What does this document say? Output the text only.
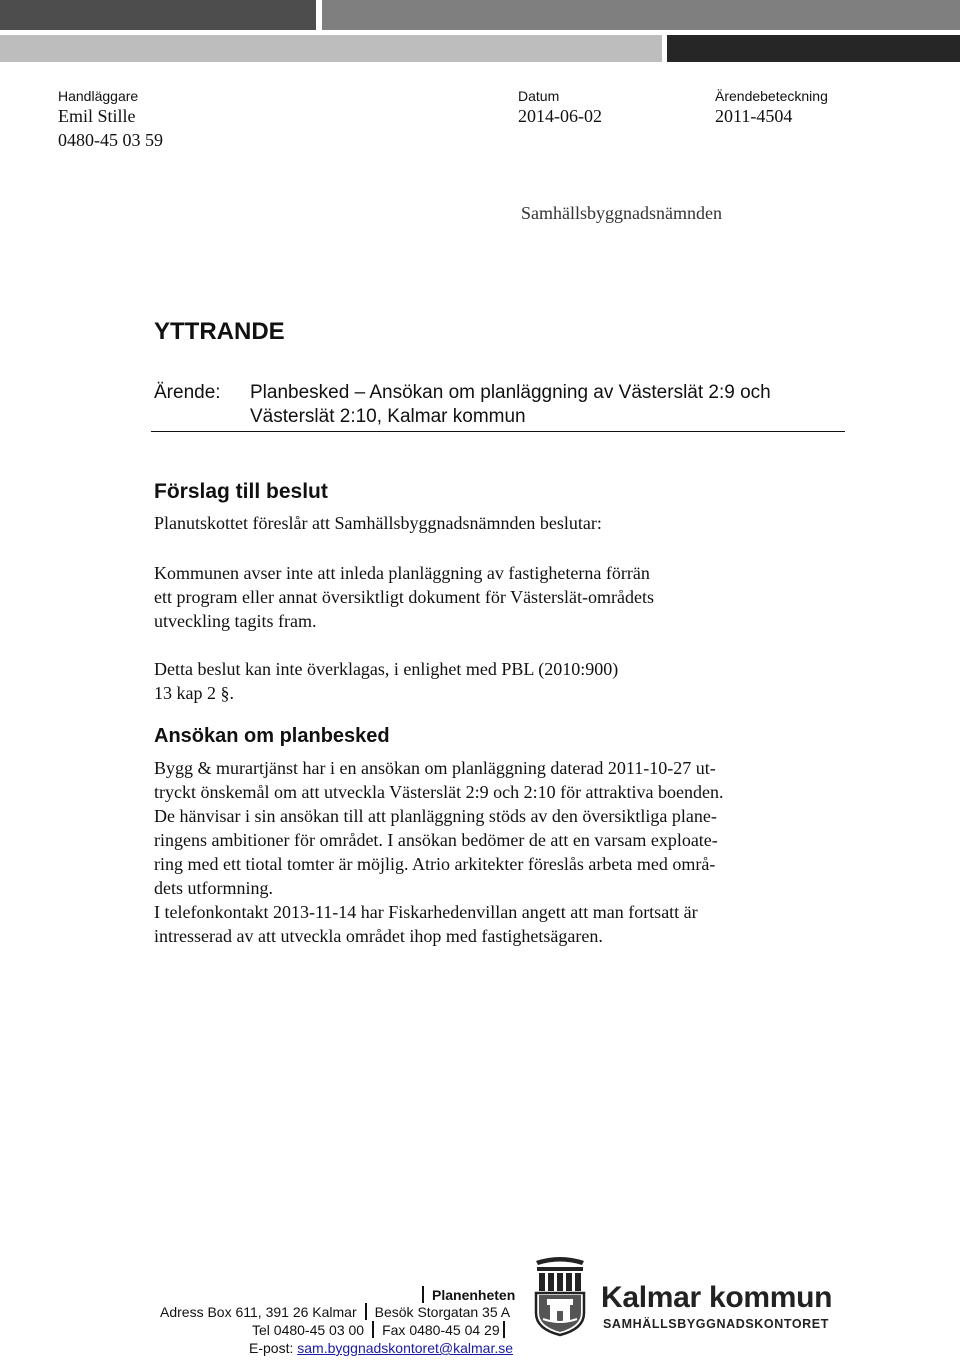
Handläggare
Emil Stille
0480-45 03 59
Datum
2014-06-02
Ärendebeteckning
2011-4504
Samhällsbyggnadsnämnden
YTTRANDE
Ärende: Planbesked – Ansökan om planläggning av Västerslät 2:9 och
Västerslät 2:10, Kalmar kommun
Förslag till beslut
Planutskottet föreslår att Samhällsbyggnadsnämnden beslutar:
Kommunen avser inte att inleda planläggning av fastigheterna förrän
ett program eller annat översiktligt dokument för Västerslät-områdets
utveckling tagits fram.
Detta beslut kan inte överklagas, i enlighet med PBL (2010:900)
13 kap 2 §.
Ansökan om planbesked
Bygg & murartjänst har i en ansökan om planläggning daterad 2011-10-27 ut-
tryckt önskemål om att utveckla Västerslät 2:9 och 2:10 för attraktiva boenden.
De hänvisar i sin ansökan till att planläggning stöds av den översiktliga plane-
ringens ambitioner för området. I ansökan bedömer de att en varsam exploate-
ring med ett tiotal tomter är möjlig. Atrio arkitekter föreslås arbeta med områ-
dets utformning.
I telefonkontakt 2013-11-14 har Fiskarhedenvillan angett att man fortsatt är
intresserad av att utveckla området ihop med fastighetsägaren.
Planenheten
Adress Box 611, 391 26 Kalmar Besök Storgatan 35 A
Tel 0480-45 03 00 Fax 0480-45 04 29
E-post: sam.byggnadskontoret@kalmar.se
Kalmar kommun
SAMHÄLLSBYGGNADSKONTORET
